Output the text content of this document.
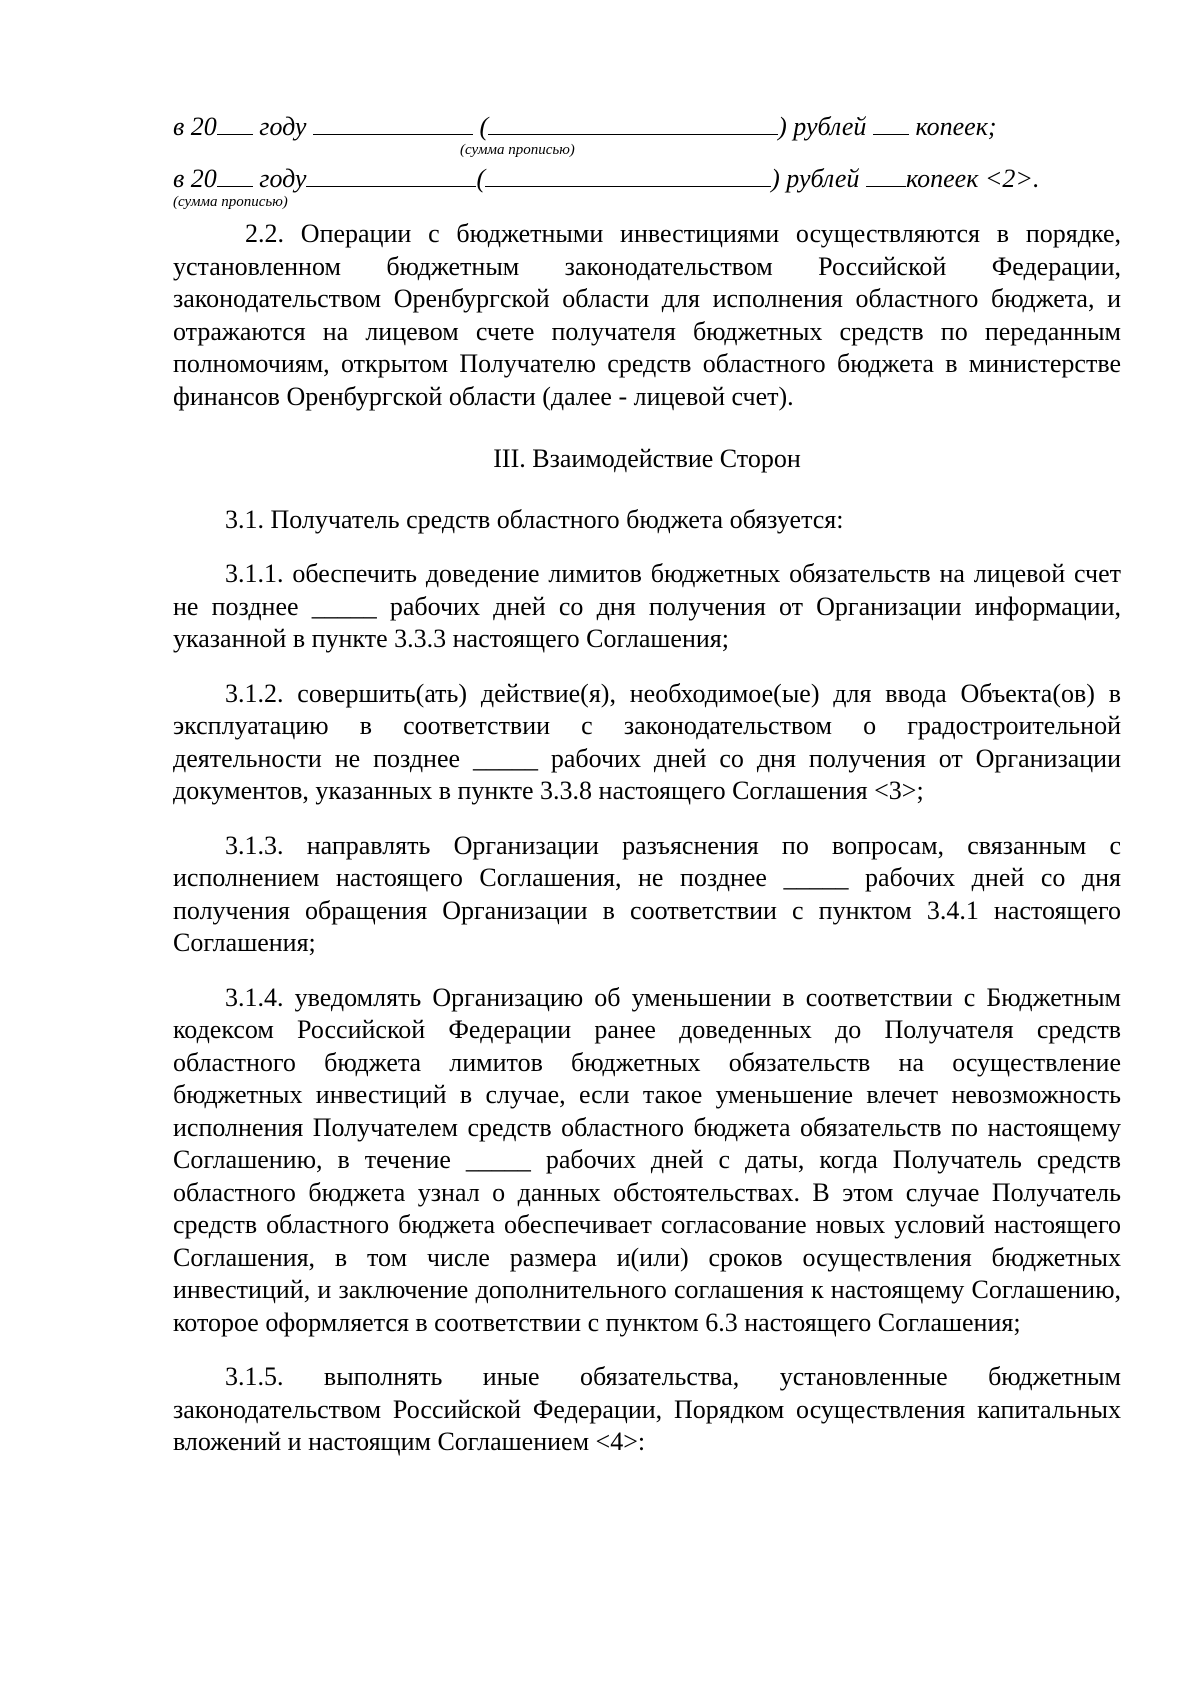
в 20 году	(	) рублей копеек;
(сумма прописью)
в 20 году	(	) рублей копеек <2>.
(сумма прописью)

2.2. Операции с бюджетными инвестициями осуществляются в порядке, установленном бюджетным законодательством Российской Федерации, законодательством Оренбургской области для исполнения областного бюджета, и отражаются на лицевом счете получателя бюджетных средств по переданным полномочиям, открытом Получателю средств областного бюджета в министерстве финансов Оренбургской области (далее - лицевой счет).

III. Взаимодействие Сторон

3.1. Получатель средств областного бюджета обязуется:

3.1.1. обеспечить доведение лимитов бюджетных обязательств на лицевой счет не позднее _____ рабочих дней со дня получения от Организации информации, указанной в пункте 3.3.3 настоящего Соглашения;

3.1.2. совершить(ать) действие(я), необходимое(ые) для ввода Объекта(ов) в эксплуатацию в соответствии с законодательством о градостроительной деятельности не позднее _____ рабочих дней со дня получения от Организации документов, указанных в пункте 3.3.8 настоящего Соглашения <3>;

3.1.3. направлять Организации разъяснения по вопросам, связанным с исполнением настоящего Соглашения, не позднее _____ рабочих дней со дня получения обращения Организации в соответствии с пунктом 3.4.1 настоящего Соглашения;

3.1.4. уведомлять Организацию об уменьшении в соответствии с Бюджетным кодексом Российской Федерации ранее доведенных до Получателя средств областного бюджета лимитов бюджетных обязательств на осуществление бюджетных инвестиций в случае, если такое уменьшение влечет невозможность исполнения Получателем средств областного бюджета обязательств по настоящему Соглашению, в течение _____ рабочих дней с даты, когда Получатель средств областного бюджета узнал о данных обстоятельствах. В этом случае Получатель средств областного бюджета обеспечивает согласование новых условий настоящего Соглашения, в том числе размера и(или) сроков осуществления бюджетных инвестиций, и заключение дополнительного соглашения к настоящему Соглашению, которое оформляется в соответствии с пунктом 6.3 настоящего Соглашения;

3.1.5. выполнять иные обязательства, установленные бюджетным законодательством Российской Федерации, Порядком осуществления капитальных вложений и настоящим Соглашением <4>:
